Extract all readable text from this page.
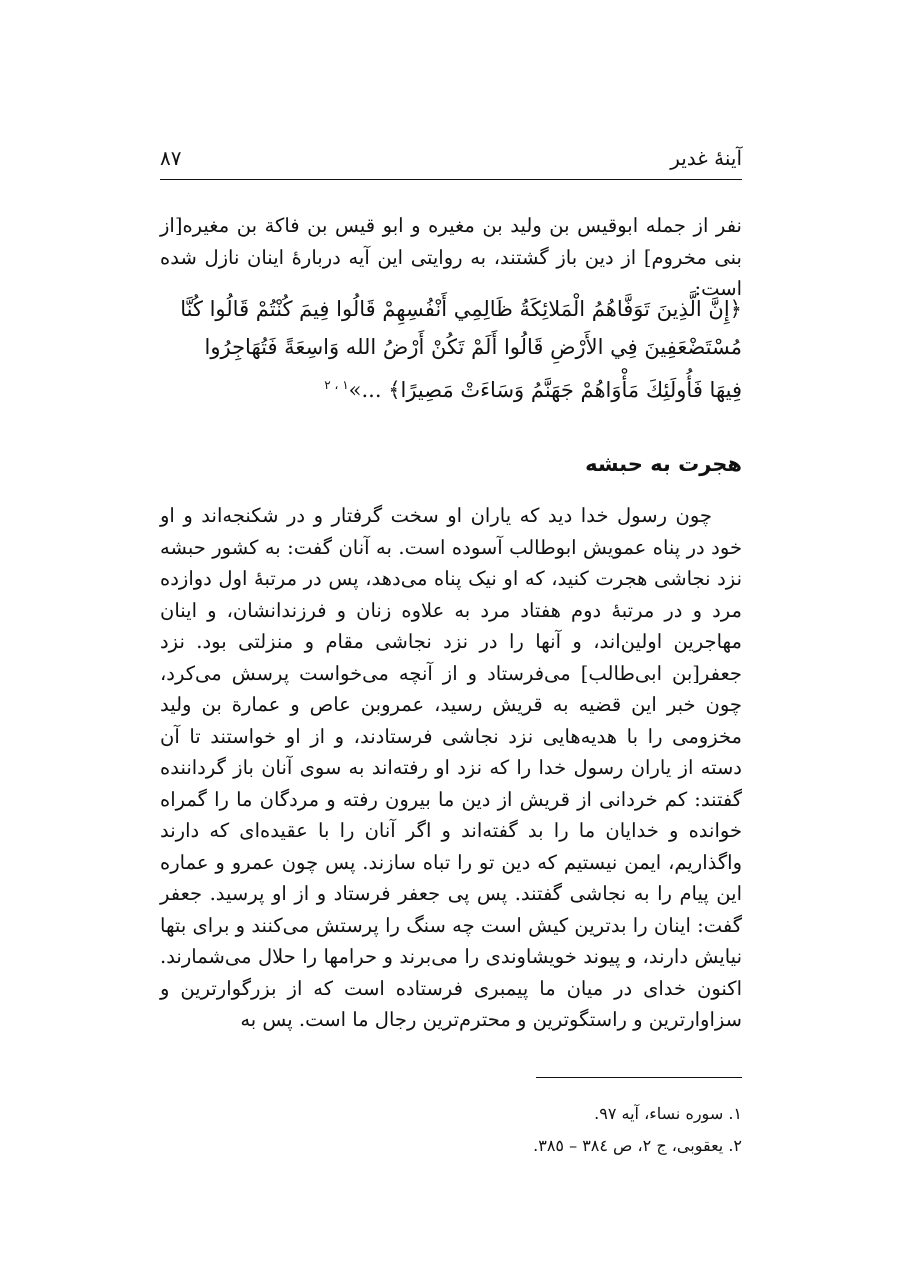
آينهٔ غدير
۸۷

نفر از جمله ابوقيس بن وليد بن مغيره و ابو قيس بن فاكة بن مغيره[از بنى مخروم] از دين باز گشتند، به روايتى اين آيه دربارهٔ اينان نازل شده است:

﴿إِنَّ الَّذِينَ تَوَفَّاهُمُ الْمَلائِكَةُ ظَالِمِي أَنْفُسِهِمْ قَالُوا فِيمَ كُنْتُمْ قَالُوا كُنَّا
مُسْتَضْعَفِينَ فِي الأَرْضِ قَالُوا أَلَمْ تَكُنْ أَرْضُ الله وَاسِعَةً فَتُهَاجِرُوا
فِيهَا فَأُولَئِكَ مَأْوَاهُمْ جَهَنَّمُ وَسَاءَتْ مَصِيرًا﴾ ...»$^{١ ، ٢}$
هجرت به حبشه

چون رسول خدا ديد كه ياران او سخت گرفتار و در شكنجه‌اند و او خود در پناه عمويش ابوطالب آسوده است. به آنان گفت: به كشور حبشه نزد نجاشى هجرت كنيد، كه او نيک پناه مى‌دهد، پس در مرتبهٔ اول دوازده مرد و در مرتبهٔ دوم هفتاد مرد به علاوه زنان و فرزندانشان، و اينان مهاجرين اولين‌اند، و آنها را در نزد نجاشى مقام و منزلتى بود. نزد جعفر[بن ابى‌طالب] مى‌فرستاد و از آنچه مى‌خواست پرسش مى‌كرد، چون خبر اين قضيه به قريش رسيد، عمروبن عاص و عمارة بن وليد مخزومى را با هديه‌هايى نزد نجاشى فرستادند، و از او خواستند تا آن دسته از ياران رسول خدا را كه نزد او رفته‌اند به سوى آنان باز گرداننده گفتند: كم خردانى از قريش از دين ما بيرون رفته و مردگان ما را گمراه خوانده و خدايان ما را بد گفته‌اند و اگر آنان را با عقيده‌اى كه دارند واگذاريم، ايمن نيستيم كه دين تو را تباه سازند. پس چون عمرو و عماره اين پيام را به نجاشى گفتند. پس پى جعفر فرستاد و از او پرسيد. جعفر گفت: اينان را بدترين كيش است چه سنگ را پرستش مى‌كنند و براى بتها نيايش دارند، و پيوند خويشاوندى را مى‌برند و حرامها را حلال مى‌شمارند. اكنون خداى در ميان ما پيمبرى فرستاده است كه از بزرگوارترين و سزاوارترين و راستگوترين و محترم‌ترين رجال ما است. پس به

١. سوره نساء، آيه ٩٧.
٢. يعقوبى، ج ٢، ص ٣٨٤ – ٣٨٥.
